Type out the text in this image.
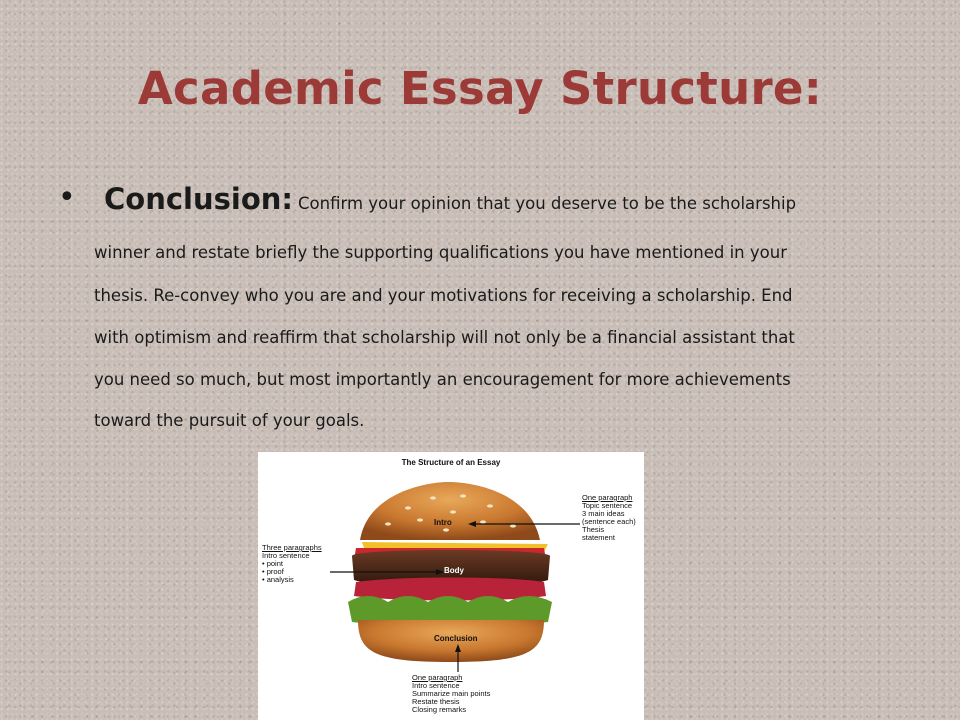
Academic Essay Structure:
• Conclusion: Confirm your opinion that you deserve to be the scholarship
winner and restate briefly the supporting qualifications you have mentioned in your
thesis. Re-convey who you are and your motivations for receiving a scholarship. End
with optimism and reaffirm that scholarship will not only be a financial assistant that
you need so much, but most importantly an encouragement for more achievements
toward the pursuit of your goals.
The Structure of an Essay
Intro
Body
Conclusion
One paragraph
Topic sentence
3 main ideas
(sentence each)
Thesis
statement
Three paragraphs
Intro sentence
• point
• proof
• analysis
One paragraph
Intro sentence
Summarize main points
Restate thesis
Closing remarks
